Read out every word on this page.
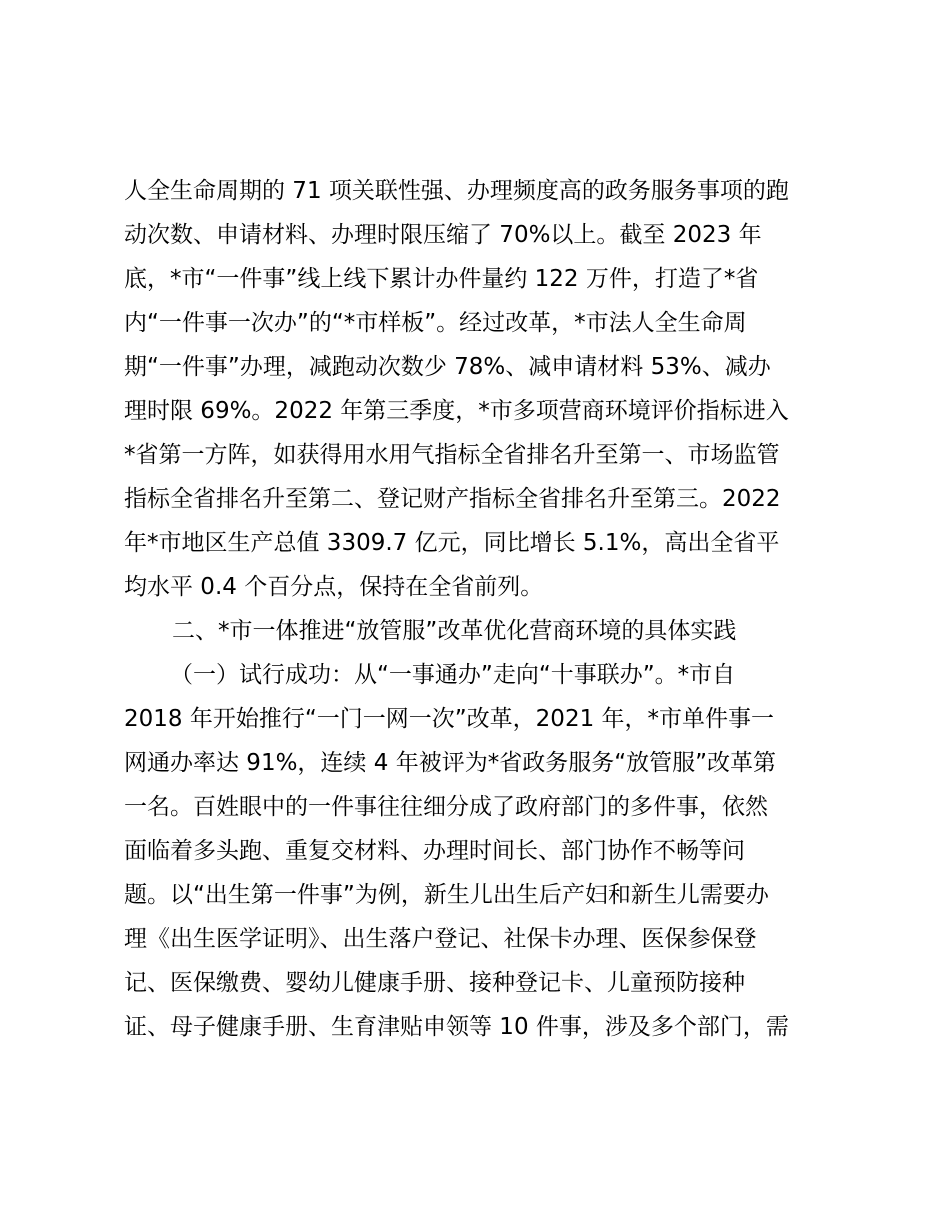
人全生命周期的 71 项关联性强、办理频度高的政务服务事项的跑
动次数、申请材料、办理时限压缩了 70%以上。截至 2023 年
底，*市“一件事”线上线下累计办件量约 122 万件，打造了*省
内“一件事一次办”的“*市样板”。经过改革，*市法人全生命周
期“一件事”办理，减跑动次数少 78%、减申请材料 53%、减办
理时限 69%。2022 年第三季度，*市多项营商环境评价指标进入
*省第一方阵，如获得用水用气指标全省排名升至第一、市场监管
指标全省排名升至第二、登记财产指标全省排名升至第三。2022
年*市地区生产总值 3309.7 亿元，同比增长 5.1%，高出全省平
均水平 0.4 个百分点，保持在全省前列。
二、*市一体推进“放管服”改革优化营商环境的具体实践
（一）试行成功：从“一事通办”走向“十事联办”。*市自
2018 年开始推行“一门一网一次”改革，2021 年，*市单件事一
网通办率达 91%，连续 4 年被评为*省政务服务“放管服”改革第
一名。百姓眼中的一件事往往细分成了政府部门的多件事，依然
面临着多头跑、重复交材料、办理时间长、部门协作不畅等问
题。以“出生第一件事”为例，新生儿出生后产妇和新生儿需要办
理《出生医学证明》、出生落户登记、社保卡办理、医保参保登
记、医保缴费、婴幼儿健康手册、接种登记卡、儿童预防接种
证、母子健康手册、生育津贴申领等 10 件事，涉及多个部门，需
